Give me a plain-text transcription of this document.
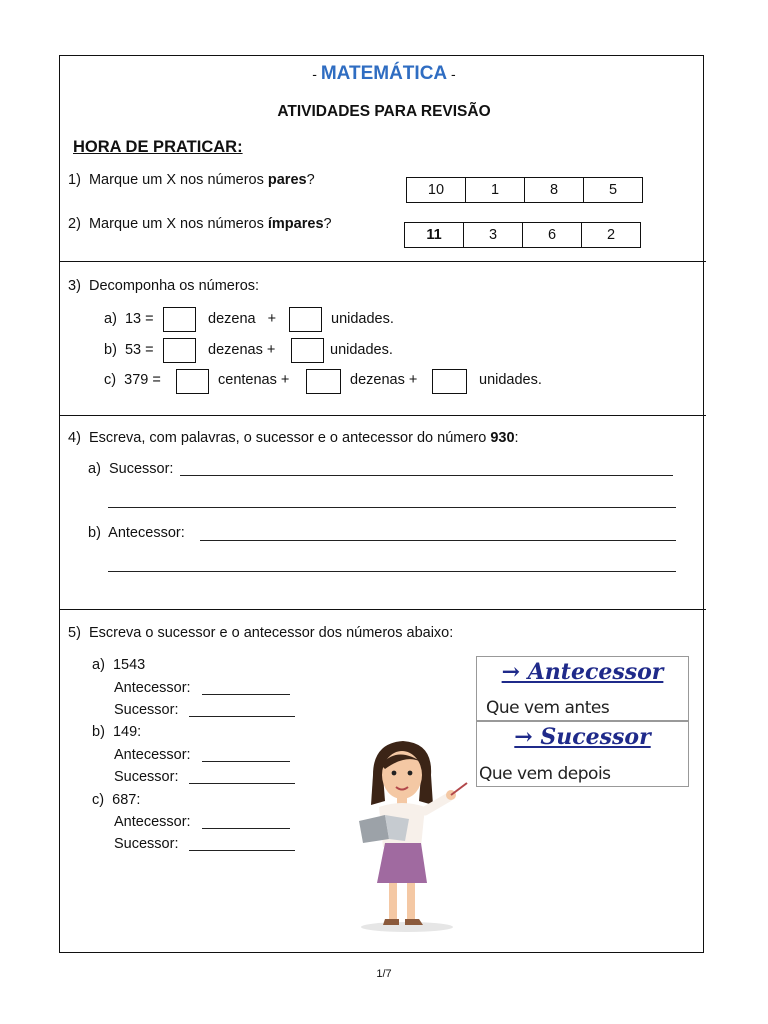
- MATEMÁTICA -
ATIVIDADES PARA REVISÃO
HORA DE PRATICAR:
1) Marque um X nos números pares?
10	1	8	5
2) Marque um X nos números ímpares?
11	3	6	2
3) Decomponha os números:
a) 13 =	dezena +	unidades.
b) 53 =	dezenas +	unidades.
c) 379 =	centenas +	dezenas +	unidades.
4) Escreva, com palavras, o sucessor e o antecessor do número 930:
a) Sucessor:
b) Antecessor:
5) Escreva o sucessor e o antecessor dos números abaixo:
a) 1543
Antecessor:
Sucessor:
b) 149:
Antecessor:
Sucessor:
c) 687:
Antecessor:
Sucessor:
→ Antecessor
Que vem antes
→ Sucessor
Que vem depois
1/7
